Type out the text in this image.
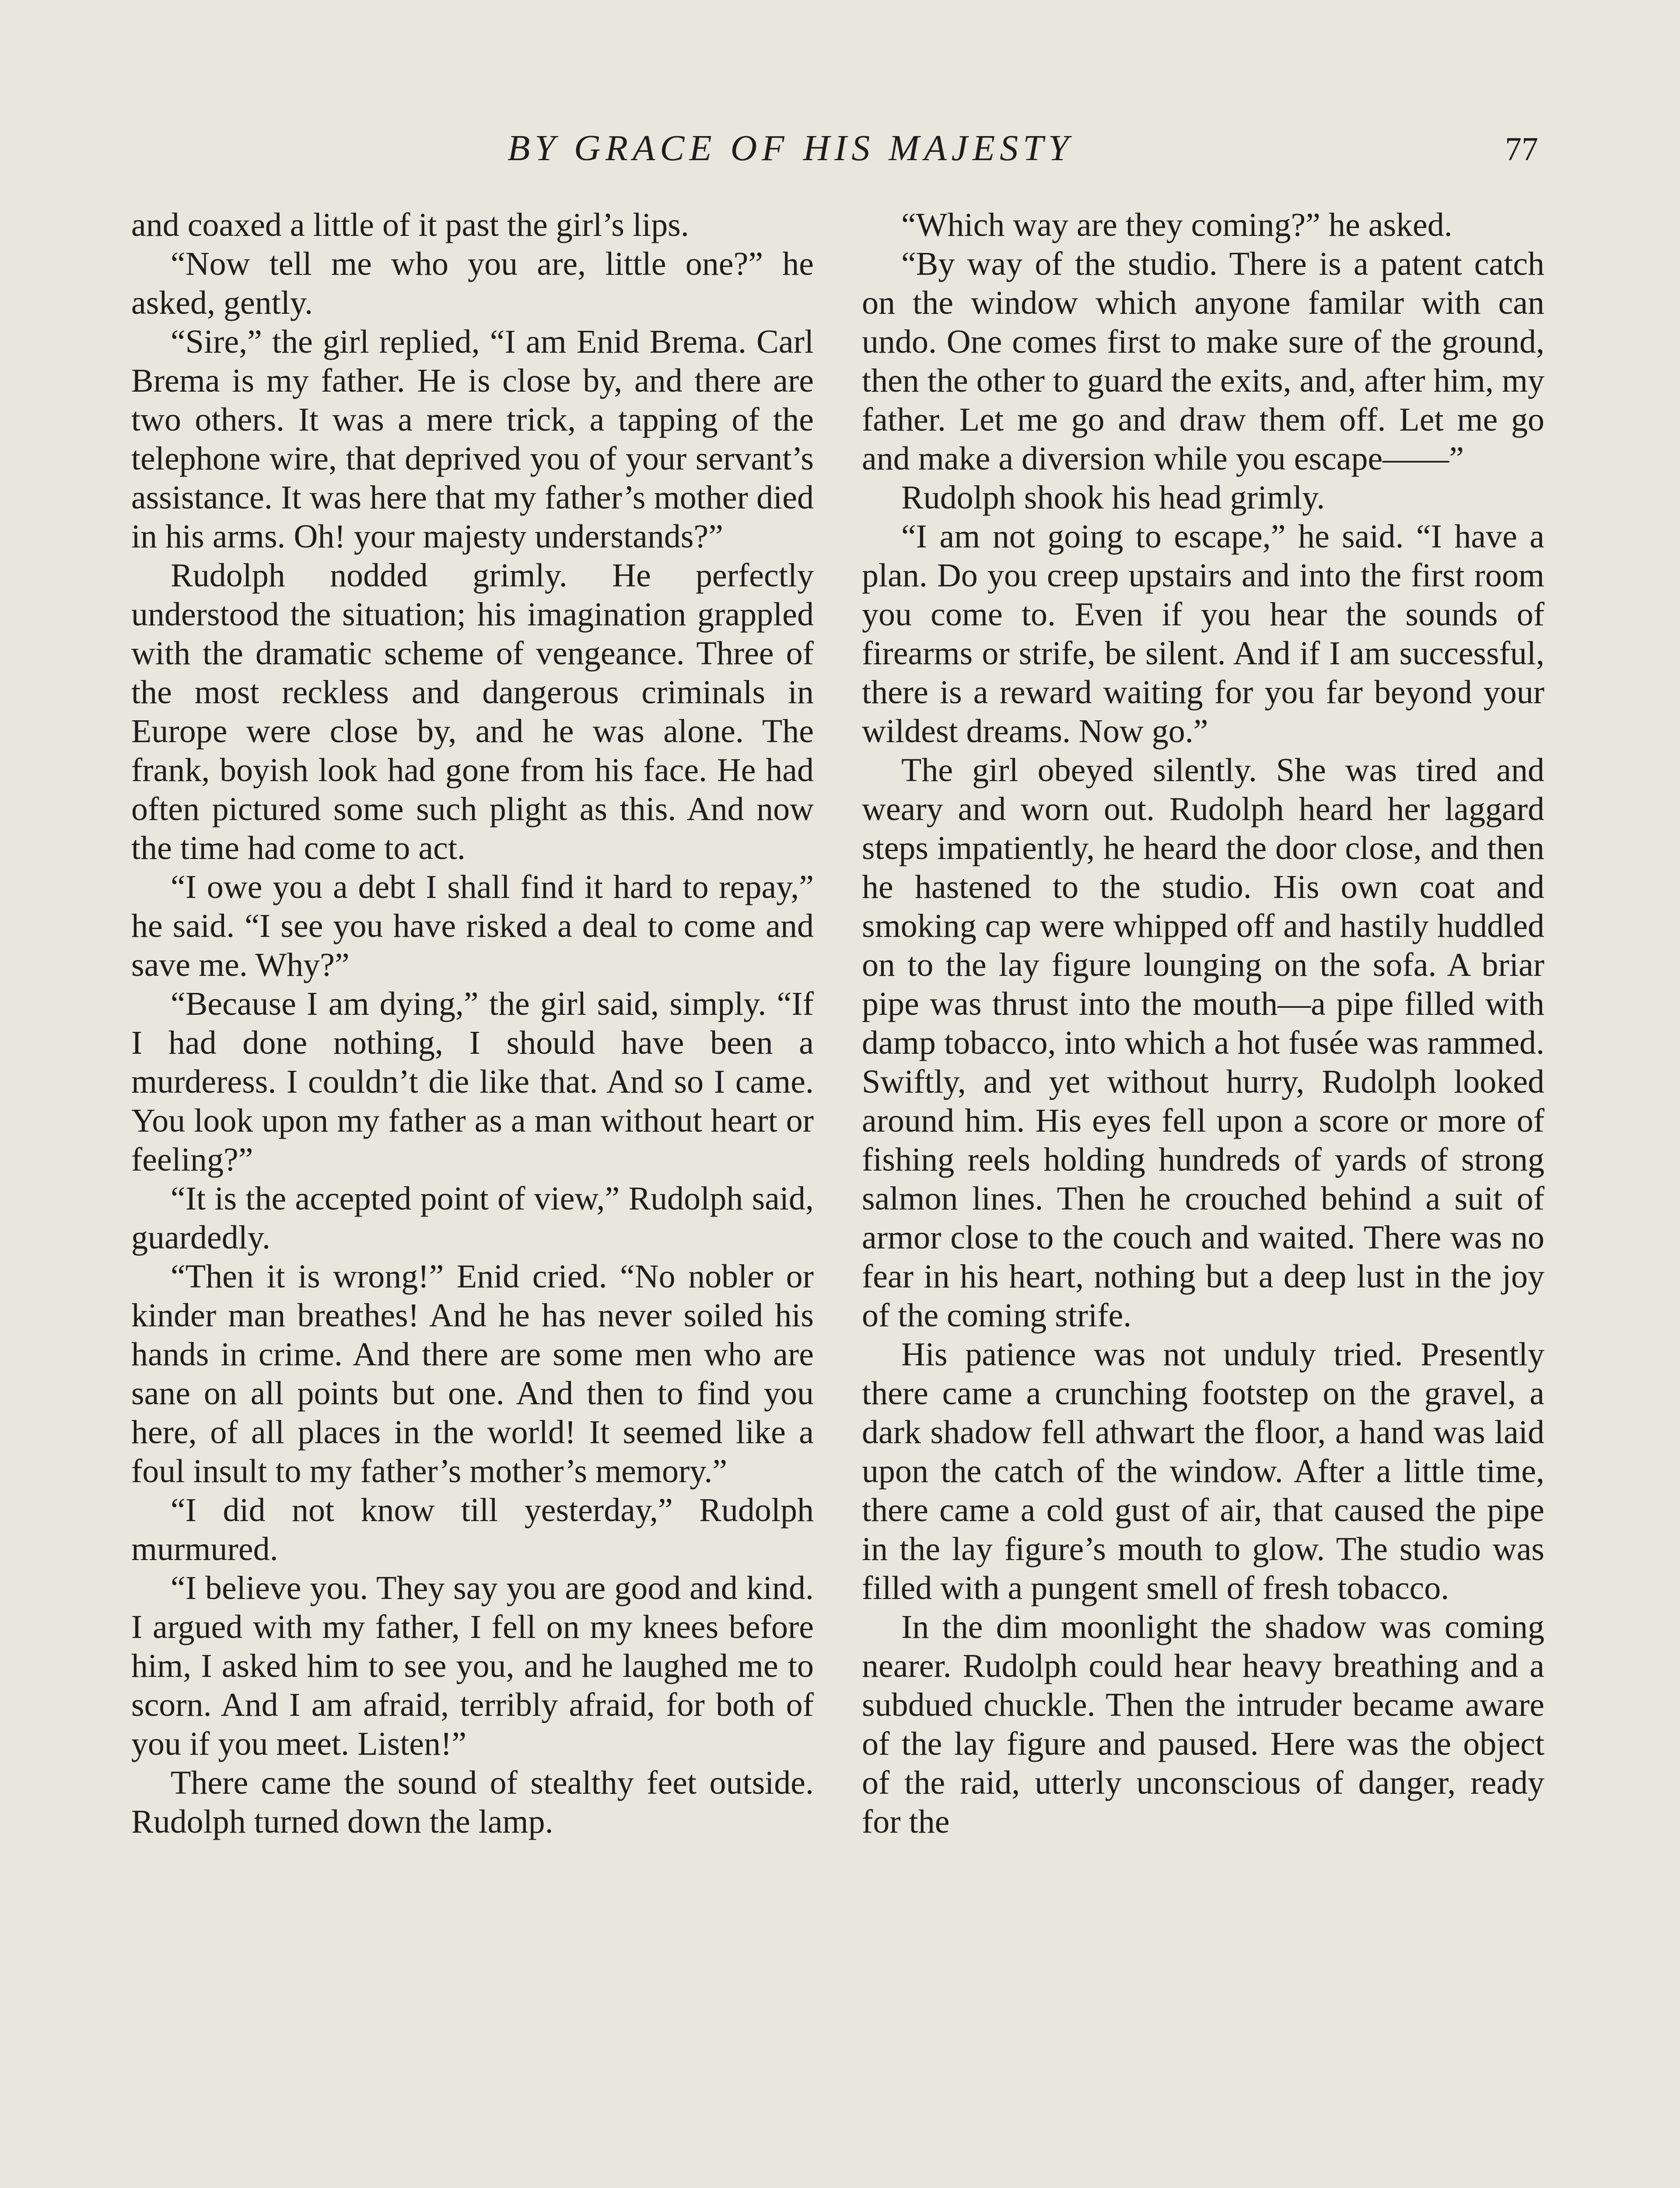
BY GRACE OF HIS MAJESTY	77

and coaxed a little of it past the girl’s lips.

“Now tell me who you are, little one?” he asked, gently.

“Sire,” the girl replied, “I am Enid Brema. Carl Brema is my father. He is close by, and there are two others. It was a mere trick, a tapping of the telephone wire, that deprived you of your servant’s assistance. It was here that my father’s mother died in his arms. Oh! your majesty understands?”

Rudolph nodded grimly. He perfectly understood the situation; his imagination grappled with the dramatic scheme of vengeance. Three of the most reckless and dangerous criminals in Europe were close by, and he was alone. The frank, boyish look had gone from his face. He had often pictured some such plight as this. And now the time had come to act.

“I owe you a debt I shall find it hard to repay,” he said. “I see you have risked a deal to come and save me. Why?”

“Because I am dying,” the girl said, simply. “If I had done nothing, I should have been a murderess. I couldn’t die like that. And so I came. You look upon my father as a man without heart or feeling?”

“It is the accepted point of view,” Rudolph said, guardedly.

“Then it is wrong!” Enid cried. “No nobler or kinder man breathes! And he has never soiled his hands in crime. And there are some men who are sane on all points but one. And then to find you here, of all places in the world! It seemed like a foul insult to my father’s mother’s memory.”

“I did not know till yesterday,” Rudolph murmured.

“I believe you. They say you are good and kind. I argued with my father, I fell on my knees before him, I asked him to see you, and he laughed me to scorn. And I am afraid, terribly afraid, for both of you if you meet. Listen!”

There came the sound of stealthy feet outside. Rudolph turned down the lamp.

“Which way are they coming?” he asked.

“By way of the studio. There is a patent catch on the window which anyone familar with can undo. One comes first to make sure of the ground, then the other to guard the exits, and, after him, my father. Let me go and draw them off. Let me go and make a diversion while you escape——”

Rudolph shook his head grimly.

“I am not going to escape,” he said. “I have a plan. Do you creep upstairs and into the first room you come to. Even if you hear the sounds of firearms or strife, be silent. And if I am successful, there is a reward waiting for you far beyond your wildest dreams. Now go.”

The girl obeyed silently. She was tired and weary and worn out. Rudolph heard her laggard steps impatiently, he heard the door close, and then he hastened to the studio. His own coat and smoking cap were whipped off and hastily huddled on to the lay figure lounging on the sofa. A briar pipe was thrust into the mouth—a pipe filled with damp tobacco, into which a hot fusée was rammed. Swiftly, and yet without hurry, Rudolph looked around him. His eyes fell upon a score or more of fishing reels holding hundreds of yards of strong salmon lines. Then he crouched behind a suit of armor close to the couch and waited. There was no fear in his heart, nothing but a deep lust in the joy of the coming strife.

His patience was not unduly tried. Presently there came a crunching footstep on the gravel, a dark shadow fell athwart the floor, a hand was laid upon the catch of the window. After a little time, there came a cold gust of air, that caused the pipe in the lay figure’s mouth to glow. The studio was filled with a pungent smell of fresh tobacco.

In the dim moonlight the shadow was coming nearer. Rudolph could hear heavy breathing and a subdued chuckle. Then the intruder became aware of the lay figure and paused. Here was the object of the raid, utterly unconscious of danger, ready for the
